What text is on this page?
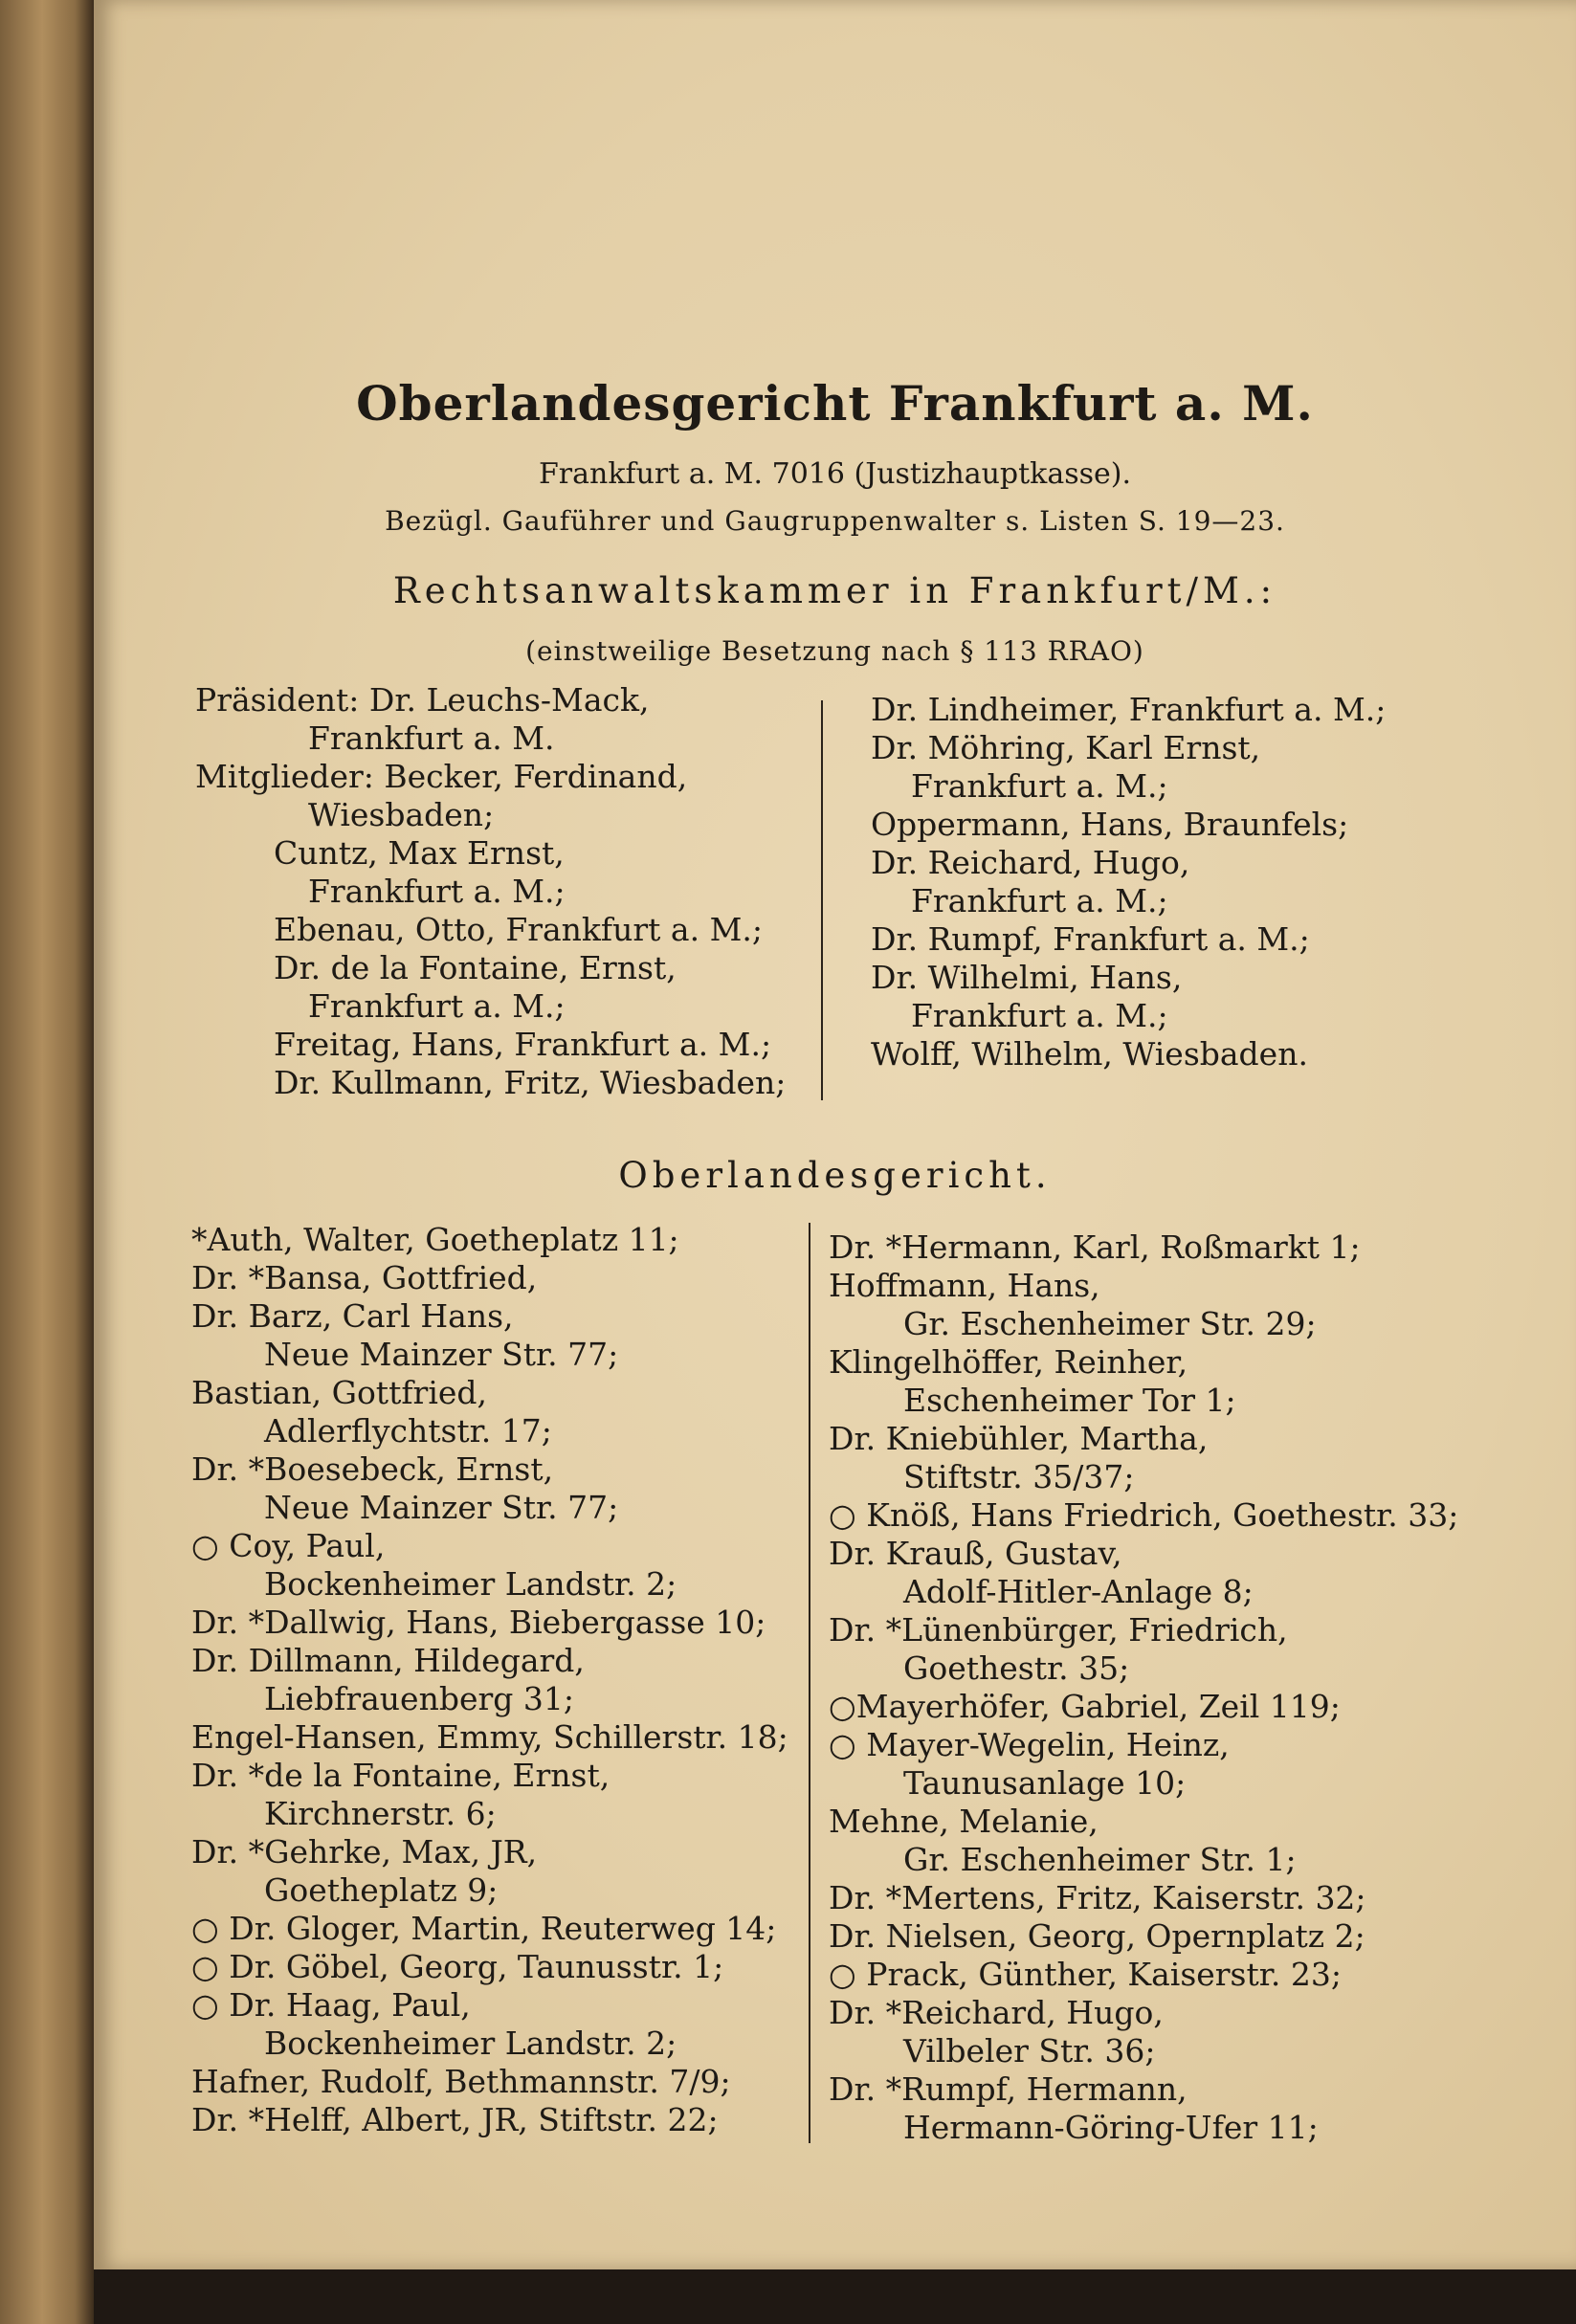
Oberlandesgericht Frankfurt a. M.
Frankfurt a. M. 7016 (Justizhauptkasse).
Bezügl. Gauführer und Gaugruppenwalter s. Listen S. 19—23.
Rechtsanwaltskammer in Frankfurt/M.:
(einstweilige Besetzung nach § 113 RRAO)
Präsident: Dr. Leuchs-Mack,
Frankfurt a. M.
Mitglieder: Becker, Ferdinand,
Wiesbaden;
Cuntz, Max Ernst,
Frankfurt a. M.;
Ebenau, Otto, Frankfurt a. M.;
Dr. de la Fontaine, Ernst,
Frankfurt a. M.;
Freitag, Hans, Frankfurt a. M.;
Dr. Kullmann, Fritz, Wiesbaden;
Dr. Lindheimer, Frankfurt a. M.;
Dr. Möhring, Karl Ernst,
Frankfurt a. M.;
Oppermann, Hans, Braunfels;
Dr. Reichard, Hugo,
Frankfurt a. M.;
Dr. Rumpf, Frankfurt a. M.;
Dr. Wilhelmi, Hans,
Frankfurt a. M.;
Wolff, Wilhelm, Wiesbaden.
Oberlandesgericht.
*Auth, Walter, Goetheplatz 11;
Dr. *Bansa, Gottfried,
Dr. Barz, Carl Hans,
Neue Mainzer Str. 77;
Bastian, Gottfried,
Adlerflychtstr. 17;
Dr. *Boesebeck, Ernst,
Neue Mainzer Str. 77;
○ Coy, Paul,
Bockenheimer Landstr. 2;
Dr. *Dallwig, Hans, Biebergasse 10;
Dr. Dillmann, Hildegard,
Liebfrauenberg 31;
Engel-Hansen, Emmy, Schillerstr. 18;
Dr. *de la Fontaine, Ernst,
Kirchnerstr. 6;
Dr. *Gehrke, Max, JR,
Goetheplatz 9;
○ Dr. Gloger, Martin, Reuterweg 14;
○ Dr. Göbel, Georg, Taunusstr. 1;
○ Dr. Haag, Paul,
Bockenheimer Landstr. 2;
Hafner, Rudolf, Bethmannstr. 7/9;
Dr. *Helff, Albert, JR, Stiftstr. 22;
Dr. *Hermann, Karl, Roßmarkt 1;
Hoffmann, Hans,
Gr. Eschenheimer Str. 29;
Klingelhöffer, Reinher,
Eschenheimer Tor 1;
Dr. Kniebühler, Martha,
Stiftstr. 35/37;
○ Knöß, Hans Friedrich, Goethestr. 33;
Dr. Krauß, Gustav,
Adolf-Hitler-Anlage 8;
Dr. *Lünenbürger, Friedrich,
Goethestr. 35;
○Mayerhöfer, Gabriel, Zeil 119;
○ Mayer-Wegelin, Heinz,
Taunusanlage 10;
Mehne, Melanie,
Gr. Eschenheimer Str. 1;
Dr. *Mertens, Fritz, Kaiserstr. 32;
Dr. Nielsen, Georg, Opernplatz 2;
○ Prack, Günther, Kaiserstr. 23;
Dr. *Reichard, Hugo,
Vilbeler Str. 36;
Dr. *Rumpf, Hermann,
Hermann-Göring-Ufer 11;
